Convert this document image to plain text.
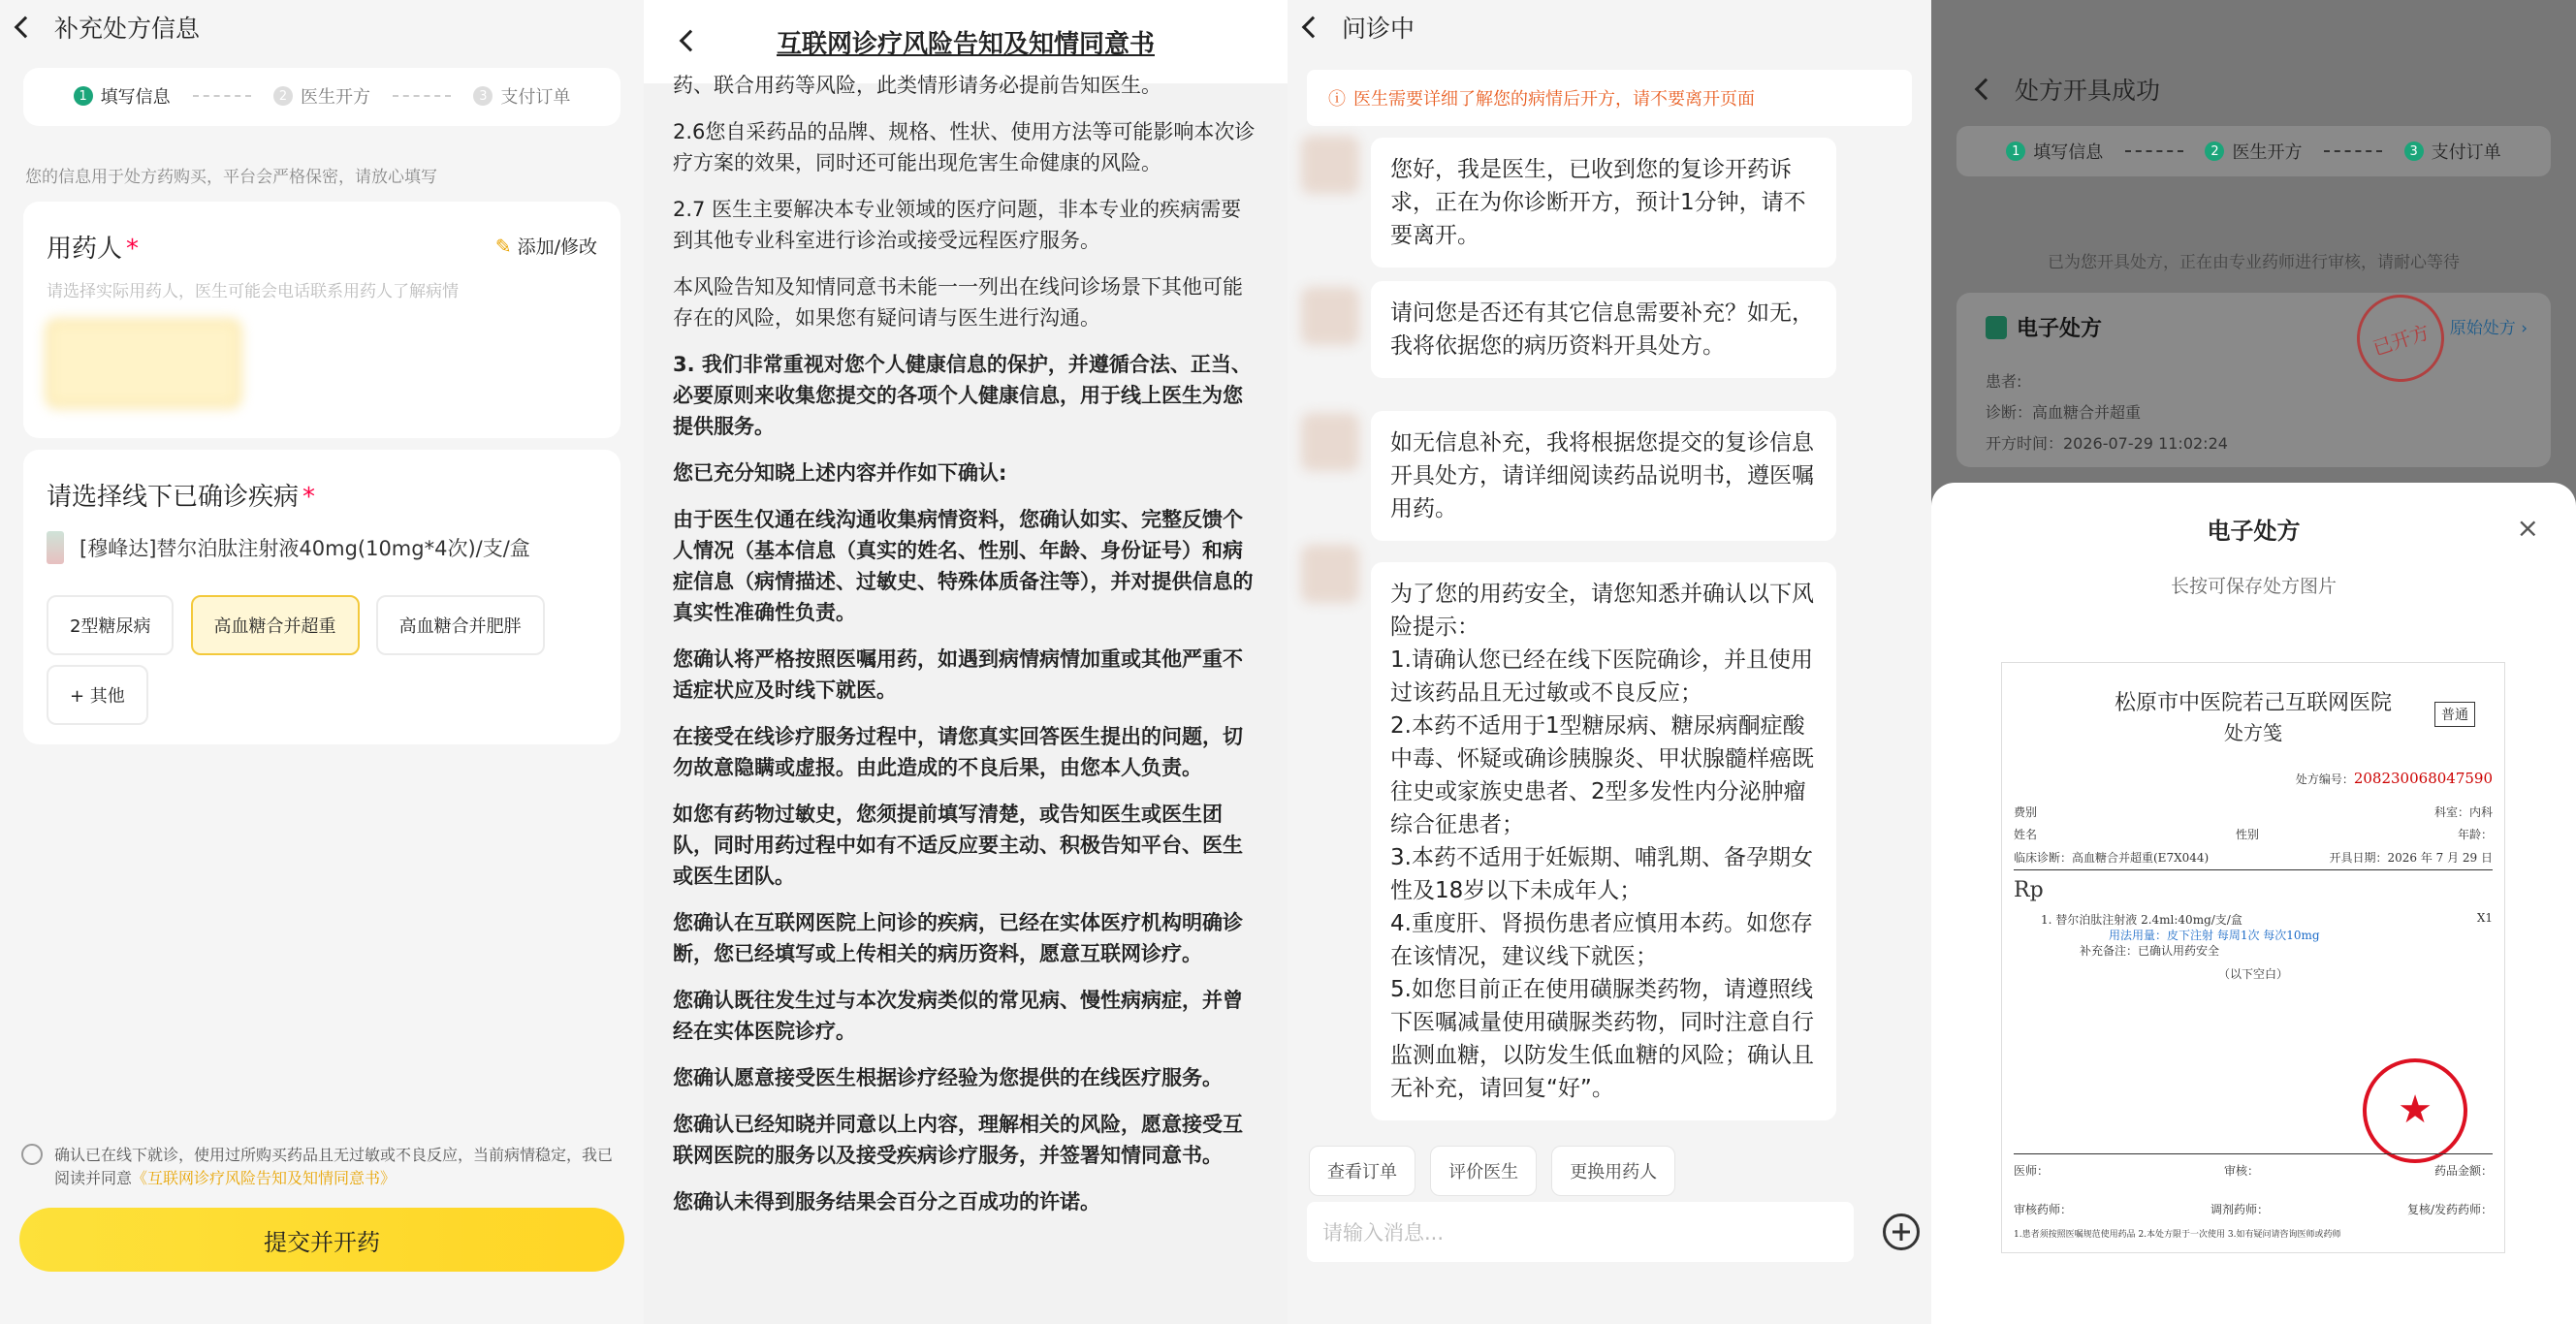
补充处方信息
1 填写信息	2 医生开方	3 支付订单
您的信息用于处方药购买，平台会严格保密，请放心填写
用药人 *	✎ 添加/修改
请选择实际用药人，医生可能会电话联系用药人了解病情
请选择线下已确诊疾病 *
[穆峰达]替尔泊肽注射液40mg(10mg*4次)/支/盒
2型糖尿病	高血糖合并超重	高血糖合并肥胖
+ 其他
确认已在线下就诊，使用过所购买药品且无过敏或不良反应，当前病情稳定，我已阅读并同意《互联网诊疗风险告知及知情同意书》
提交并开药
互联网诊疗风险告知及知情同意书

药、联合用药等风险，此类情形请务必提前告知医生。

2.6您自采药品的品牌、规格、性状、使用方法等可能影响本次诊疗方案的效果，同时还可能出现危害生命健康的风险。

2.7 医生主要解决本专业领域的医疗问题，非本专业的疾病需要到其他专业科室进行诊治或接受远程医疗服务。

本风险告知及知情同意书未能一一列出在线问诊场景下其他可能存在的风险，如果您有疑问请与医生进行沟通。

3. 我们非常重视对您个人健康信息的保护，并遵循合法、正当、必要原则来收集您提交的各项个人健康信息，用于线上医生为您提供服务。

您已充分知晓上述内容并作如下确认:

由于医生仅通在线沟通收集病情资料，您确认如实、完整反馈个人情况（基本信息（真实的姓名、性别、年龄、身份证号）和病症信息（病情描述、过敏史、特殊体质备注等），并对提供信息的真实性准确性负责。

您确认将严格按照医嘱用药，如遇到病情病情加重或其他严重不适症状应及时线下就医。

在接受在线诊疗服务过程中，请您真实回答医生提出的问题，切勿故意隐瞒或虚报。由此造成的不良后果，由您本人负责。

如您有药物过敏史，您须提前填写清楚，或告知医生或医生团队，同时用药过程中如有不适反应要主动、积极告知平台、医生或医生团队。

您确认在互联网医院上问诊的疾病，已经在实体医疗机构明确诊断，您已经填写或上传相关的病历资料，愿意互联网诊疗。

您确认既往发生过与本次发病类似的常见病、慢性病病症，并曾经在实体医院诊疗。

您确认愿意接受医生根据诊疗经验为您提供的在线医疗服务。

您确认已经知晓并同意以上内容，理解相关的风险，愿意接受互联网医院的服务以及接受疾病诊疗服务，并签署知情同意书。

您确认未得到服务结果会百分之百成功的许诺。

问诊中
ⓘ 医生需要详细了解您的病情后开方，请不要离开页面
您好，我是医生，已收到您的复诊开药诉求，正在为你诊断开方，预计1分钟，请不要离开。
请问您是否还有其它信息需要补充？如无，我将依据您的病历资料开具处方。
如无信息补充，我将根据您提交的复诊信息开具处方，请详细阅读药品说明书，遵医嘱用药。
为了您的用药安全，请您知悉并确认以下风险提示：
1.请确认您已经在线下医院确诊，并且使用过该药品且无过敏或不良反应；
2.本药不适用于1型糖尿病、糖尿病酮症酸中毒、怀疑或确诊胰腺炎、甲状腺髓样癌既往史或家族史患者、2型多发性内分泌肿瘤综合征患者；
3.本药不适用于妊娠期、哺乳期、备孕期女性及18岁以下未成年人；
4.重度肝、肾损伤患者应慎用本药。如您存在该情况，建议线下就医；
5.如您目前正在使用磺脲类药物，请遵照线下医嘱减量使用磺脲类药物，同时注意自行监测血糖，以防发生低血糖的风险；确认且无补充，请回复“好”。
查看订单	评价医生	更换用药人
请输入消息...
处方开具成功
1 填写信息	2 医生开方	3 支付订单
已为您开具处方，正在由专业药师进行审核，请耐心等待
电子处方	原始处方 ›
已开方
患者:
诊断：高血糖合并超重
开方时间：2026-07-29 11:02:24
电子处方	×
长按可保存处方图片
松原市中医院若己互联网医院
处方笺
普通
处方编号：20823006804759​0
费别	科室：内科
姓名	性别	年龄：
临床诊断：高血糖合并超重(E7X044)	开具日期：2026 年 7 月 29 日
Rp
1. 替尔泊肽注射液 2.4ml:40mg/支/盒	X1
用法用量：皮下注射 每周1次 每次10mg
补充备注：已确认用药安全
（以下空白）
★
医师：	审核：	药品金额：
审核药师：	调剂药师：	复核/发药药师：
1.患者须按照医嘱规范使用药品 2.本处方限于一次使用 3.如有疑问请咨询医师或药师
